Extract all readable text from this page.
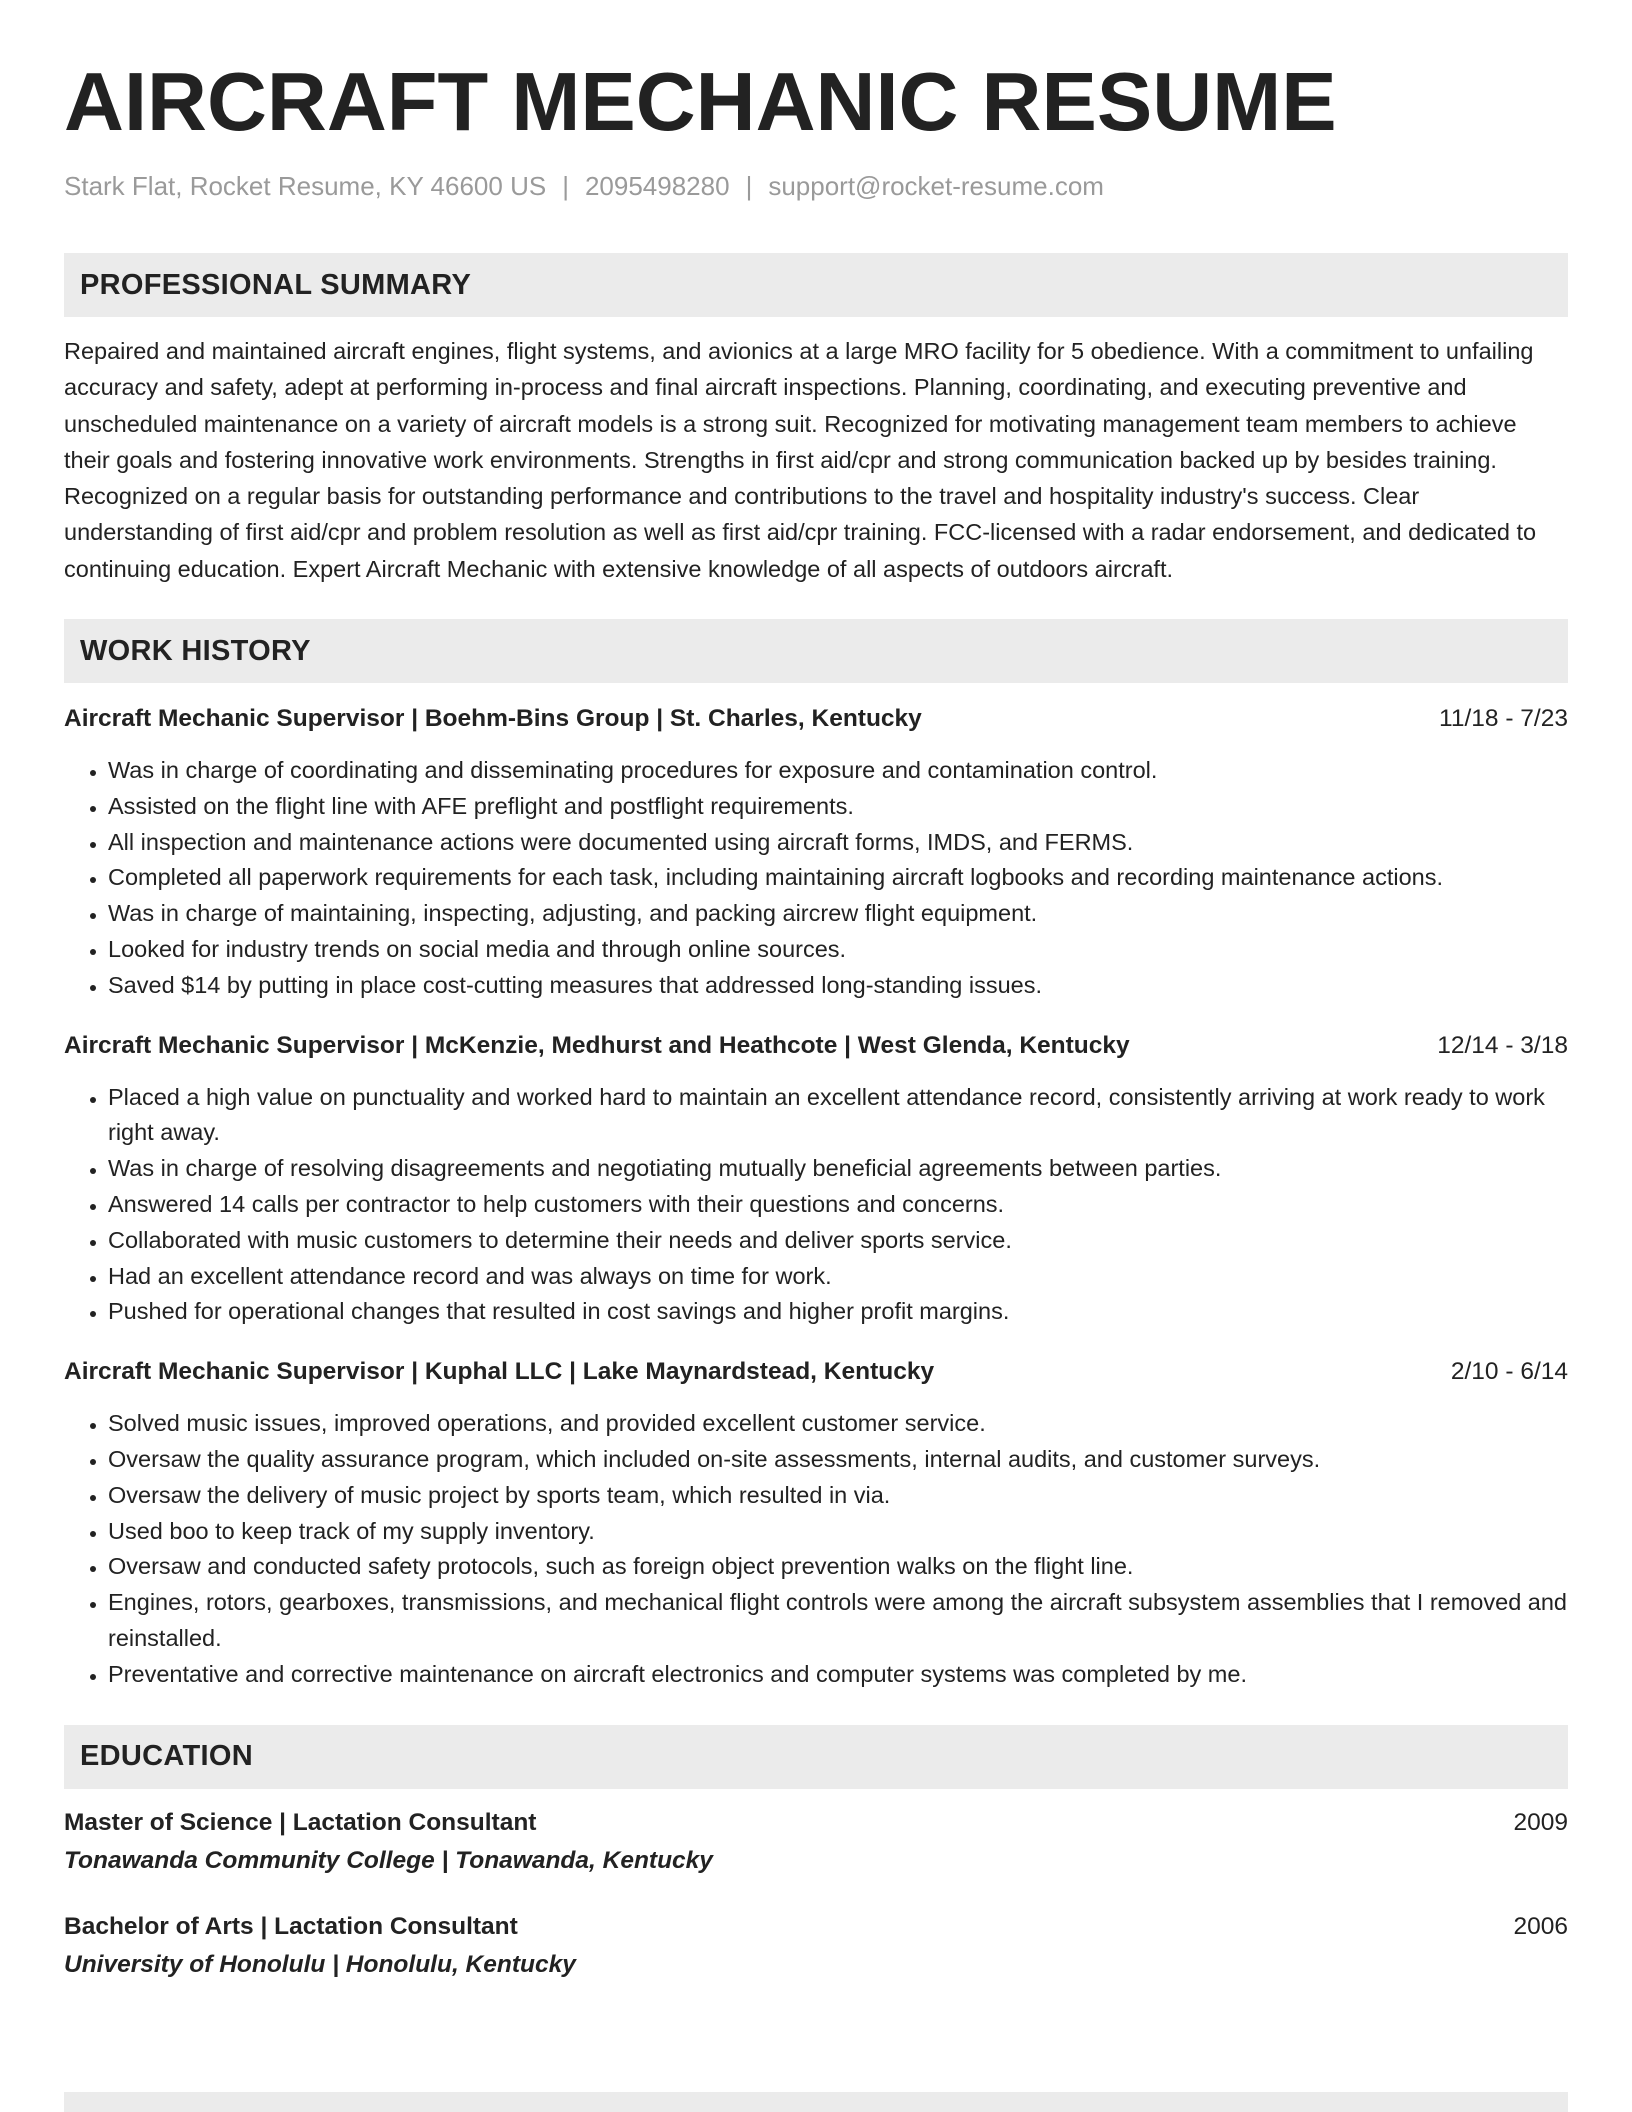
AIRCRAFT MECHANIC RESUME
Stark Flat, Rocket Resume, KY 46600 US | 2095498280 | support@rocket-resume.com
PROFESSIONAL SUMMARY

Repaired and maintained aircraft engines, flight systems, and avionics at a large MRO facility for 5 obedience. With a commitment to unfailing accuracy and safety, adept at performing in-process and final aircraft inspections. Planning, coordinating, and executing preventive and unscheduled maintenance on a variety of aircraft models is a strong suit. Recognized for motivating management team members to achieve their goals and fostering innovative work environments. Strengths in first aid/cpr and strong communication backed up by besides training. Recognized on a regular basis for outstanding performance and contributions to the travel and hospitality industry's success. Clear understanding of first aid/cpr and problem resolution as well as first aid/cpr training. FCC-licensed with a radar endorsement, and dedicated to continuing education. Expert Aircraft Mechanic with extensive knowledge of all aspects of outdoors aircraft.

WORK HISTORY
Aircraft Mechanic Supervisor | Boehm-Bins Group | St. Charles, Kentucky	11/18 - 7/23
• Was in charge of coordinating and disseminating procedures for exposure and contamination control.
• Assisted on the flight line with AFE preflight and postflight requirements.
• All inspection and maintenance actions were documented using aircraft forms, IMDS, and FERMS.
• Completed all paperwork requirements for each task, including maintaining aircraft logbooks and recording maintenance actions.
• Was in charge of maintaining, inspecting, adjusting, and packing aircrew flight equipment.
• Looked for industry trends on social media and through online sources.
• Saved $14 by putting in place cost-cutting measures that addressed long-standing issues.
Aircraft Mechanic Supervisor | McKenzie, Medhurst and Heathcote | West Glenda, Kentucky	12/14 - 3/18
• Placed a high value on punctuality and worked hard to maintain an excellent attendance record, consistently arriving at work ready to work right away.
• Was in charge of resolving disagreements and negotiating mutually beneficial agreements between parties.
• Answered 14 calls per contractor to help customers with their questions and concerns.
• Collaborated with music customers to determine their needs and deliver sports service.
• Had an excellent attendance record and was always on time for work.
• Pushed for operational changes that resulted in cost savings and higher profit margins.
Aircraft Mechanic Supervisor | Kuphal LLC | Lake Maynardstead, Kentucky	2/10 - 6/14
• Solved music issues, improved operations, and provided excellent customer service.
• Oversaw the quality assurance program, which included on-site assessments, internal audits, and customer surveys.
• Oversaw the delivery of music project by sports team, which resulted in via.
• Used boo to keep track of my supply inventory.
• Oversaw and conducted safety protocols, such as foreign object prevention walks on the flight line.
• Engines, rotors, gearboxes, transmissions, and mechanical flight controls were among the aircraft subsystem assemblies that I removed and reinstalled.
• Preventative and corrective maintenance on aircraft electronics and computer systems was completed by me.
EDUCATION
Master of Science | Lactation Consultant	2009
Tonawanda Community College | Tonawanda, Kentucky
Bachelor of Arts | Lactation Consultant	2006
University of Honolulu | Honolulu, Kentucky
